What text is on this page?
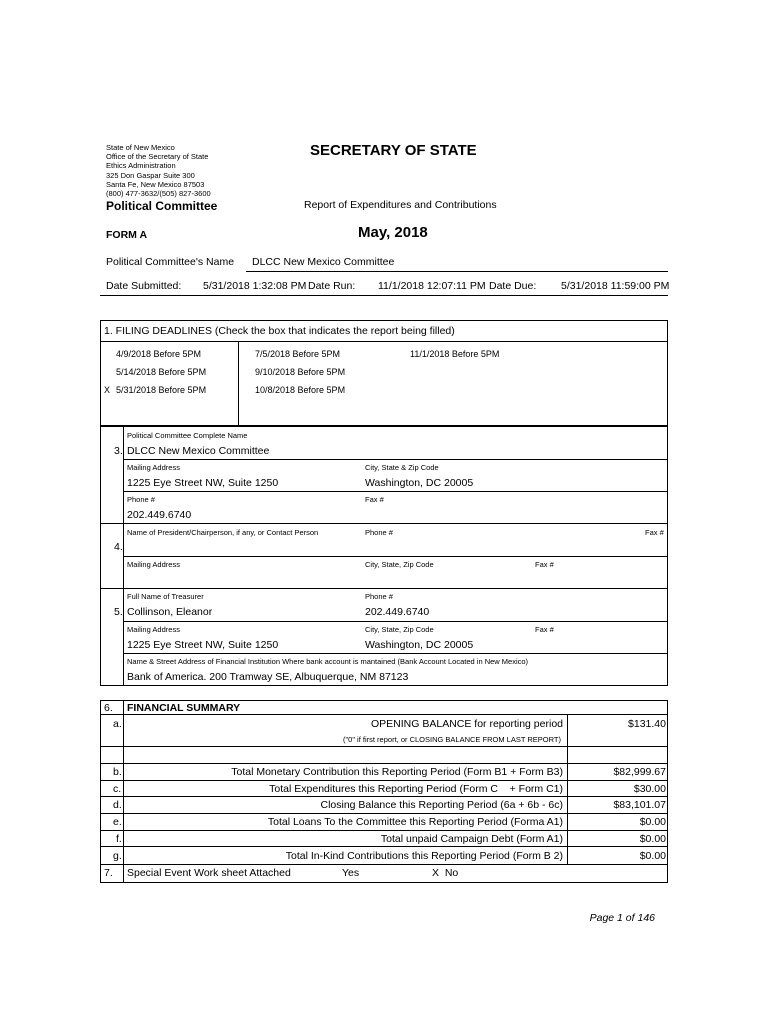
State of New Mexico
Office of the Secretary of State
Ethics Administration
325 Don Gaspar Suite 300
Santa Fe, New Mexico 87503
(800) 477-3632/(505) 827-3600
SECRETARY OF STATE
Political Committee	Report of Expenditures and Contributions
FORM A	May, 2018
Political Committee's Name DLCC New Mexico Committee
Date Submitted: 5/31/2018 1:32:08 PM Date Run: 11/1/2018 12:07:11 PM Date Due: 5/31/2018 11:59:00 PM
1. FILING DEADLINES (Check the box that indicates the report being filled)
4/9/2018 Before 5PM
5/14/2018 Before 5PM
X 5/31/2018 Before 5PM
7/5/2018 Before 5PM
9/10/2018 Before 5PM
10/8/2018 Before 5PM
11/1/2018 Before 5PM
Political Committee Complete Name
3. DLCC New Mexico Committee
Mailing Address	City, State & Zip Code
1225 Eye Street NW, Suite 1250	Washington, DC 20005
Phone #	Fax #
202.449.6740
Name of President/Chairperson, if any, or Contact Person	Phone #	Fax #
4.
Mailing Address	City, State, Zip Code	Fax #
Full Name of Treasurer	Phone #
5. Collinson, Eleanor	202.449.6740
Mailing Address	City, State, Zip Code	Fax #
1225 Eye Street NW, Suite 1250	Washington, DC 20005
Name & Street Address of Financial Institution Where bank account is mantained (Bank Account Located in New Mexico)
Bank of America. 200 Tramway SE, Albuquerque, NM 87123
6. FINANCIAL SUMMARY
a.	OPENING BALANCE for reporting period	$131.40
("0" if first report, or CLOSING BALANCE FROM LAST REPORT)
b.	Total Monetary Contribution this Reporting Period (Form B1 + Form B3)	$82,999.67
c.	Total Expenditures this Reporting Period (Form C    + Form C1)	$30.00
d.	Closing Balance this Reporting Period (6a + 6b - 6c)	$83,101.07
e.	Total Loans To the Committee this Reporting Period (Forma A1)	$0.00
f.	Total unpaid Campaign Debt (Form A1)	$0.00
g.	Total In-Kind Contributions this Reporting Period (Form B 2)	$0.00
7. Special Event Work sheet Attached	Yes	X  No
Page 1 of 146
